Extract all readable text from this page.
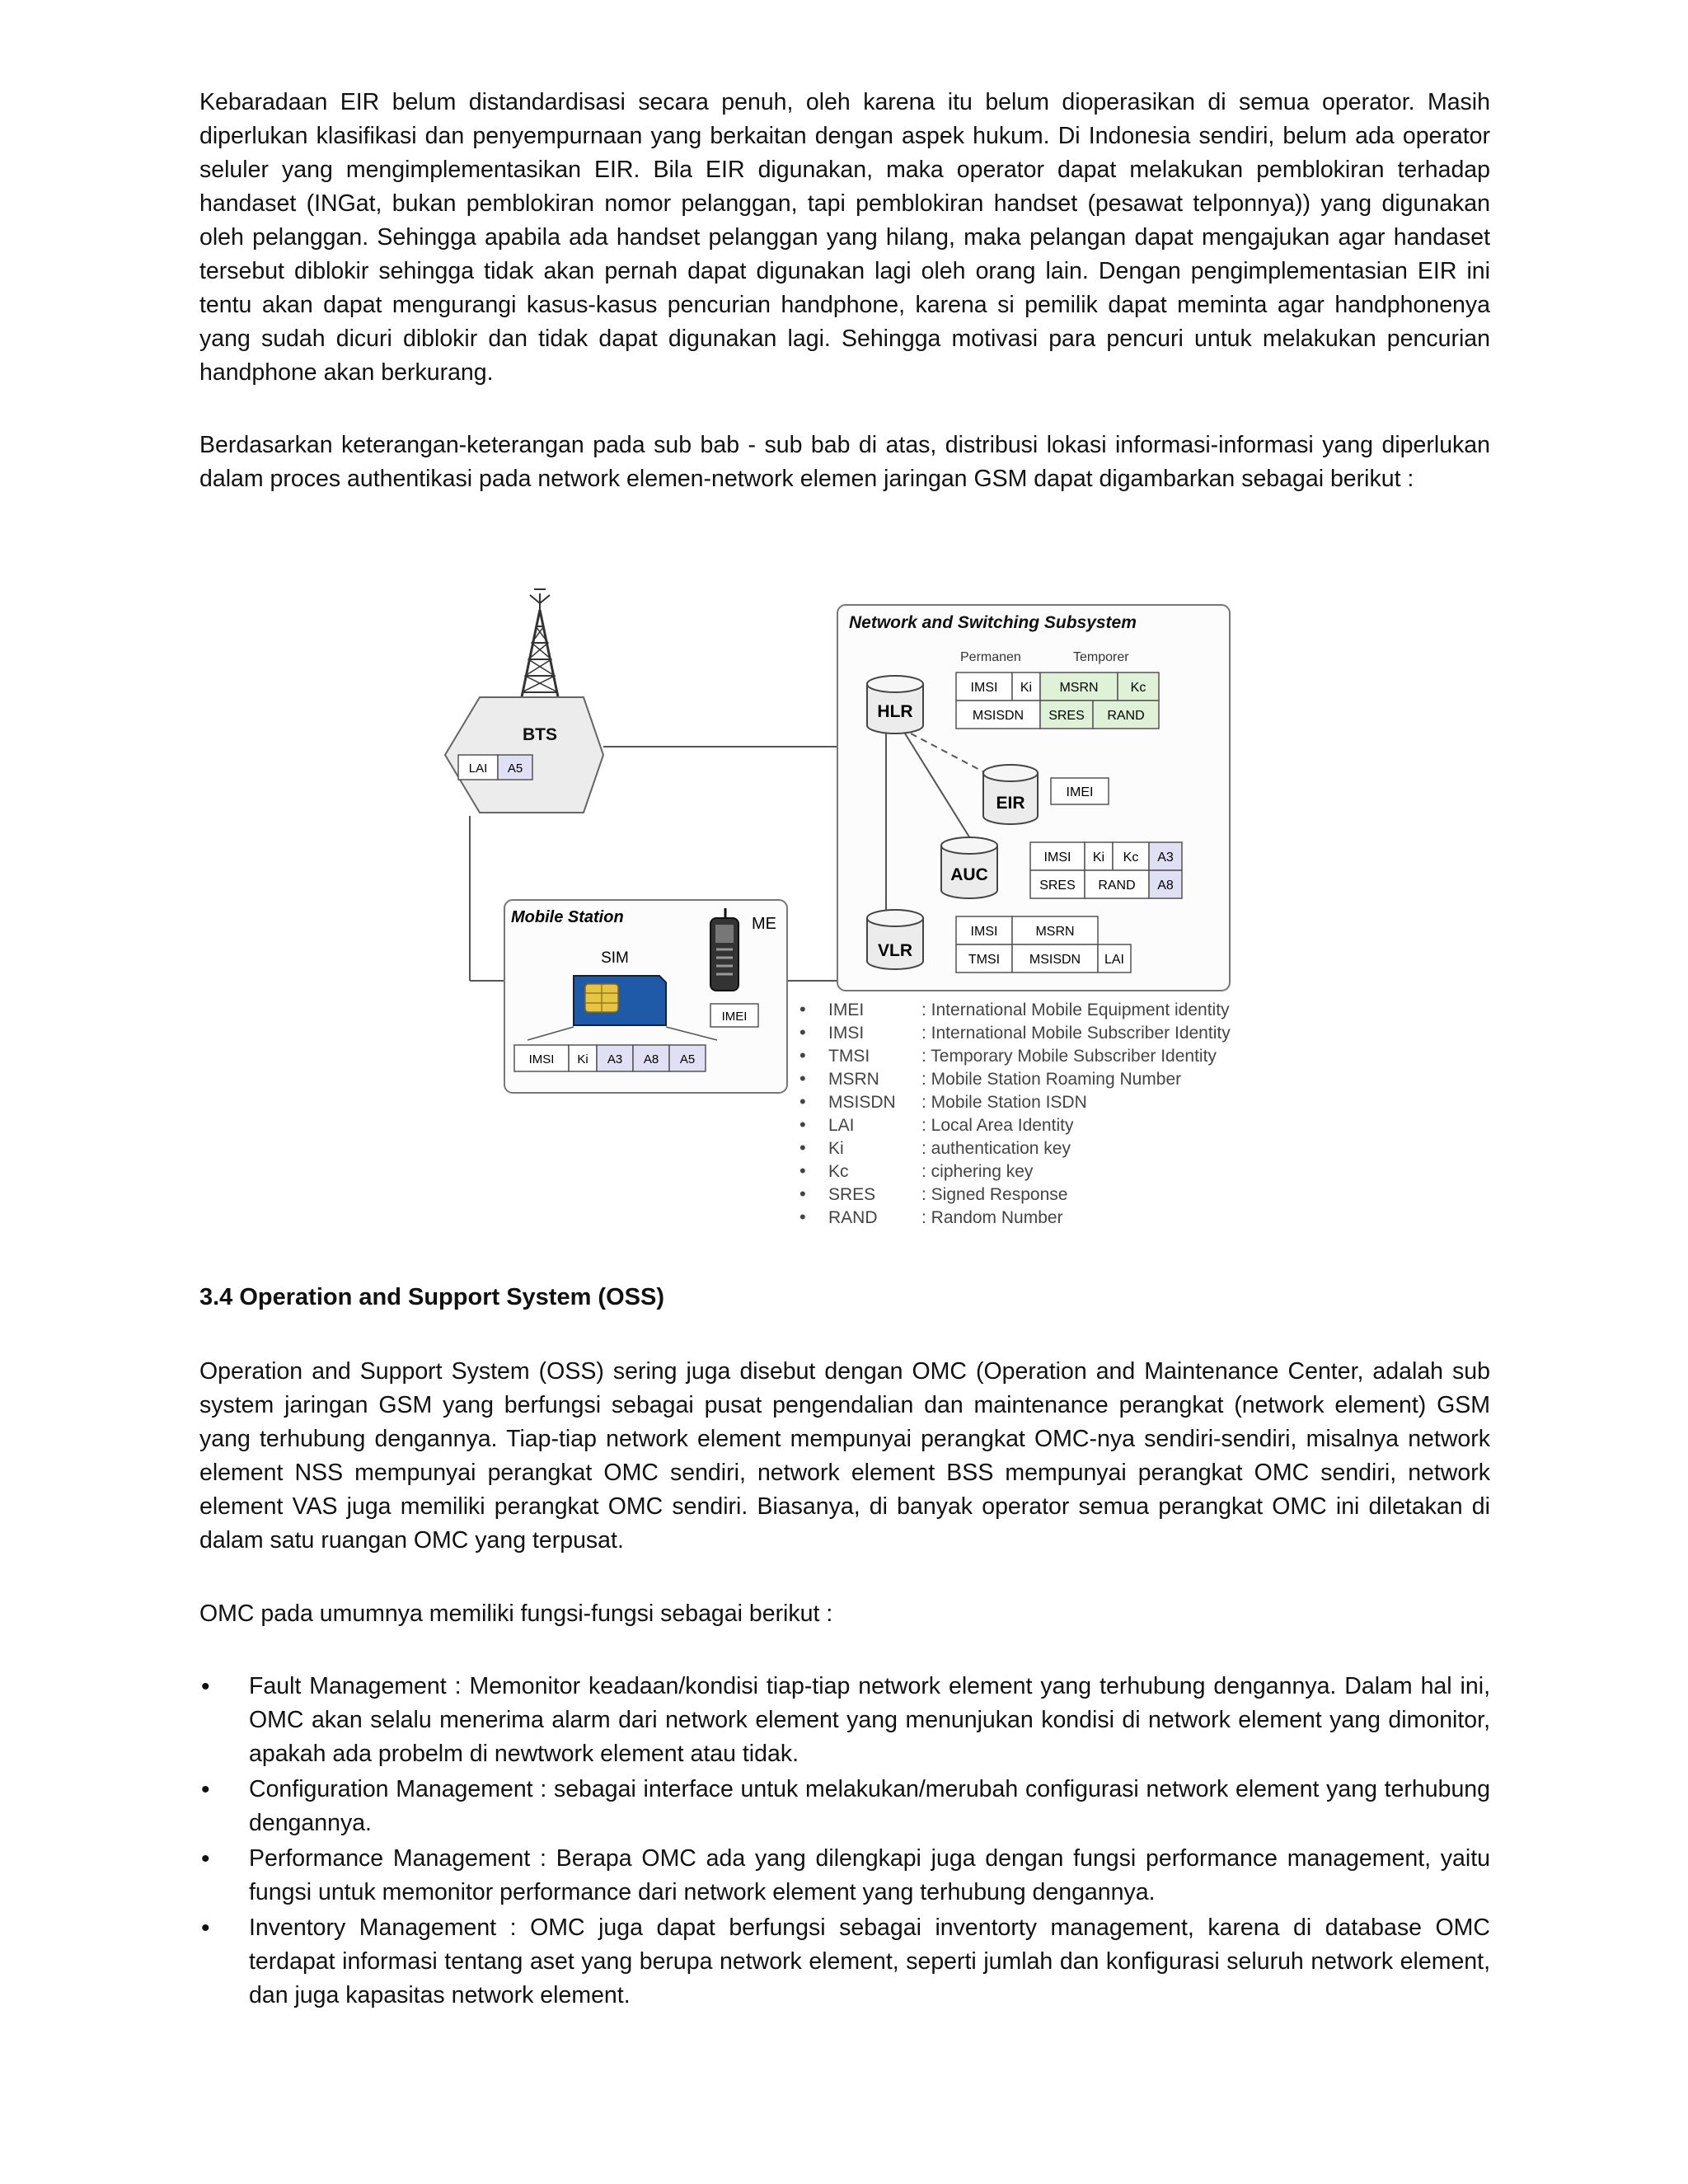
Kebaradaan EIR belum distandardisasi secara penuh, oleh karena itu belum dioperasikan di semua operator. Masih diperlukan klasifikasi dan penyempurnaan yang berkaitan dengan aspek hukum. Di Indonesia sendiri, belum ada operator seluler yang mengimplementasikan EIR. Bila EIR digunakan, maka operator dapat melakukan pemblokiran terhadap handaset (INGat, bukan pemblokiran nomor pelanggan, tapi pemblokiran handset (pesawat telponnya)) yang digunakan oleh pelanggan. Sehingga apabila ada handset pelanggan yang hilang, maka pelangan dapat mengajukan agar handaset tersebut diblokir sehingga tidak akan pernah dapat digunakan lagi oleh orang lain. Dengan pengimplementasian EIR ini tentu akan dapat mengurangi kasus-kasus pencurian handphone, karena si pemilik dapat meminta agar handphonenya yang sudah dicuri diblokir dan tidak dapat digunakan lagi. Sehingga motivasi para pencuri untuk melakukan pencurian handphone akan berkurang.

Berdasarkan keterangan-keterangan pada sub bab - sub bab di atas, distribusi lokasi informasi-informasi yang diperlukan dalam proces authentikasi pada network elemen-network elemen jaringan GSM dapat digambarkan sebagai berikut :

BTS
LAI A5
Network and Switching Subsystem
Permanen	Temporer
HLR
IMSI Ki MSRN Kc
MSISDN SRES RAND
EIR
IMEI
AUC
IMSI Ki Kc A3
SRES RAND A8
VLR
IMSI	MSRN
TMSI MSISDN LAI
Mobile Station
SIM
ME
IMEI
IMSI Ki A3 A8 A5
•
•
•
•
•
•
•
•
•
•
IMEI
IMSI
TMSI
MSRN
MSISDN
LAI
Ki
Kc
SRES
RAND
: International Mobile Equipment identity
: International Mobile Subscriber Identity
: Temporary Mobile Subscriber Identity
: Mobile Station Roaming Number
: Mobile Station ISDN
: Local Area Identity
: authentication key
: ciphering key
: Signed Response
: Random Number
3.4 Operation and Support System (OSS)

Operation and Support System (OSS) sering juga disebut dengan OMC (Operation and Maintenance Center, adalah sub system jaringan GSM yang berfungsi sebagai pusat pengendalian dan maintenance perangkat (network element) GSM yang terhubung dengannya. Tiap-tiap network element mempunyai perangkat OMC-nya sendiri-sendiri, misalnya network element NSS mempunyai perangkat OMC sendiri, network element BSS mempunyai perangkat OMC sendiri, network element VAS juga memiliki perangkat OMC sendiri. Biasanya, di banyak operator semua perangkat OMC ini diletakan di dalam satu ruangan OMC yang terpusat.

OMC pada umumnya memiliki fungsi-fungsi sebagai berikut :

• Fault Management : Memonitor keadaan/kondisi tiap-tiap network element yang terhubung dengannya. Dalam hal ini, OMC akan selalu menerima alarm dari network element yang menunjukan kondisi di network element yang dimonitor, apakah ada probelm di newtwork element atau tidak.
• Configuration Management : sebagai interface untuk melakukan/merubah configurasi network element yang terhubung dengannya.
• Performance Management : Berapa OMC ada yang dilengkapi juga dengan fungsi performance management, yaitu fungsi untuk memonitor performance dari network element yang terhubung dengannya.
• Inventory Management : OMC juga dapat berfungsi sebagai inventorty management, karena di database OMC terdapat informasi tentang aset yang berupa network element, seperti jumlah dan konfigurasi seluruh network element, dan juga kapasitas network element.
